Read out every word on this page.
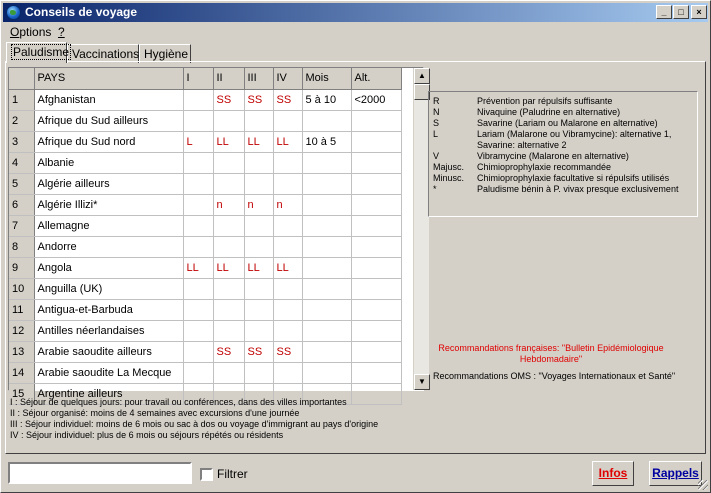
Conseils de voyage	_	□	×
Options ?
Paludisme Vaccinations Hygiène
	PAYS	I	II	III	IV	Mois	Alt.
1	Afghanistan		SS	SS	SS	5 à 10	<2000
2	Afrique du Sud ailleurs						
3	Afrique du Sud nord	L	LL	LL	LL	10 à 5	
4	Albanie						
5	Algérie ailleurs						
6	Algérie Illizi*		n	n	n		
7	Allemagne						
8	Andorre						
9	Angola	LL	LL	LL	LL		
10	Anguilla (UK)						
11	Antigua-et-Barbuda						
12	Antilles néerlandaises						
13	Arabie saoudite ailleurs		SS	SS	SS		
14	Arabie saoudite La Mecque						
15	Argentine ailleurs						
▲
▼
R	Prévention par répulsifs suffisante
N	Nivaquine (Paludrine en alternative)
S	Savarine (Lariam ou Malarone en alternative)
L	Lariam (Malarone ou Vibramycine): alternative 1,
Savarine: alternative 2
V	Vibramycine (Malarone en alternative)
Majusc.	Chimioprophylaxie recommandée
Minusc.	Chimioprophylaxie facultative si répulsifs utilisés
*	Paludisme bénin à P. vivax presque exclusivement
Recommandations françaises: "Bulletin Epidémiologique Hebdomadaire"
Recommandations OMS : "Voyages Internationaux et Santé"
I : Séjour de quelques jours: pour travail ou conférences, dans des villes importantes
II : Séjour organisé: moins de 4 semaines avec excursions d'une journée
III : Séjour individuel: moins de 6 mois ou sac à dos ou voyage d'immigrant au pays d'origine
IV : Séjour individuel: plus de 6 mois ou séjours répétés ou résidents
Filtrer	Infos	Rappels
